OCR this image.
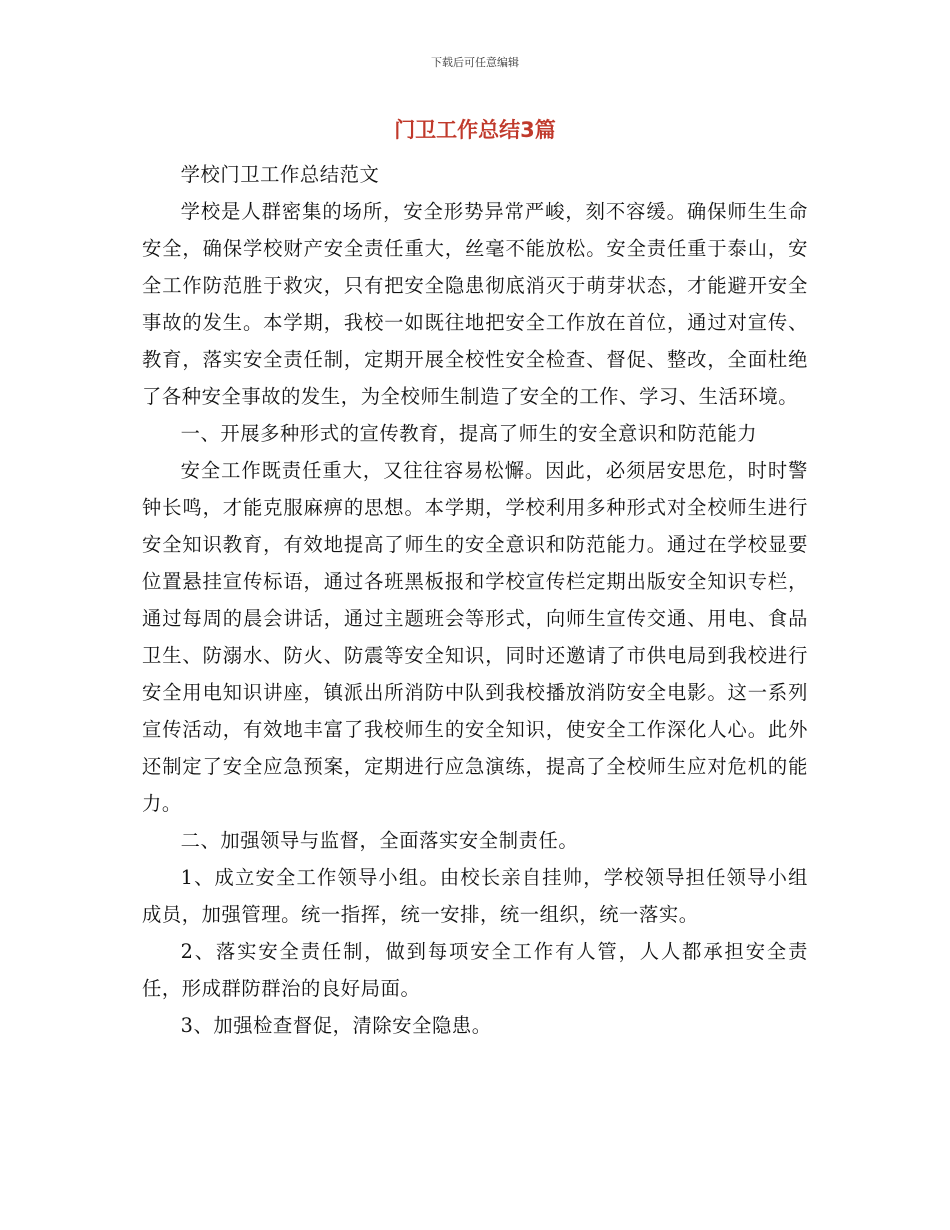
下载后可任意编辑
门卫工作总结3篇

学校门卫工作总结范文

学校是人群密集的场所，安全形势异常严峻，刻不容缓。确保师生生命安全，确保学校财产安全责任重大，丝毫不能放松。安全责任重于泰山，安全工作防范胜于救灾，只有把安全隐患彻底消灭于萌芽状态，才能避开安全事故的发生。本学期，我校一如既往地把安全工作放在首位，通过对宣传、教育，落实安全责任制，定期开展全校性安全检查、督促、整改，全面杜绝了各种安全事故的发生，为全校师生制造了安全的工作、学习、生活环境。

一、开展多种形式的宣传教育，提高了师生的安全意识和防范能力

安全工作既责任重大，又往往容易松懈。因此，必须居安思危，时时警钟长鸣，才能克服麻痹的思想。本学期，学校利用多种形式对全校师生进行安全知识教育，有效地提高了师生的安全意识和防范能力。通过在学校显要位置悬挂宣传标语，通过各班黑板报和学校宣传栏定期出版安全知识专栏，通过每周的晨会讲话，通过主题班会等形式，向师生宣传交通、用电、食品卫生、防溺水、防火、防震等安全知识，同时还邀请了市供电局到我校进行安全用电知识讲座，镇派出所消防中队到我校播放消防安全电影。这一系列宣传活动，有效地丰富了我校师生的安全知识，使安全工作深化人心。此外还制定了安全应急预案，定期进行应急演练，提高了全校师生应对危机的能力。

二、加强领导与监督，全面落实安全制责任。

1、成立安全工作领导小组。由校长亲自挂帅，学校领导担任领导小组成员，加强管理。统一指挥，统一安排，统一组织，统一落实。

2、落实安全责任制，做到每项安全工作有人管，人人都承担安全责任，形成群防群治的良好局面。

3、加强检查督促，清除安全隐患。
